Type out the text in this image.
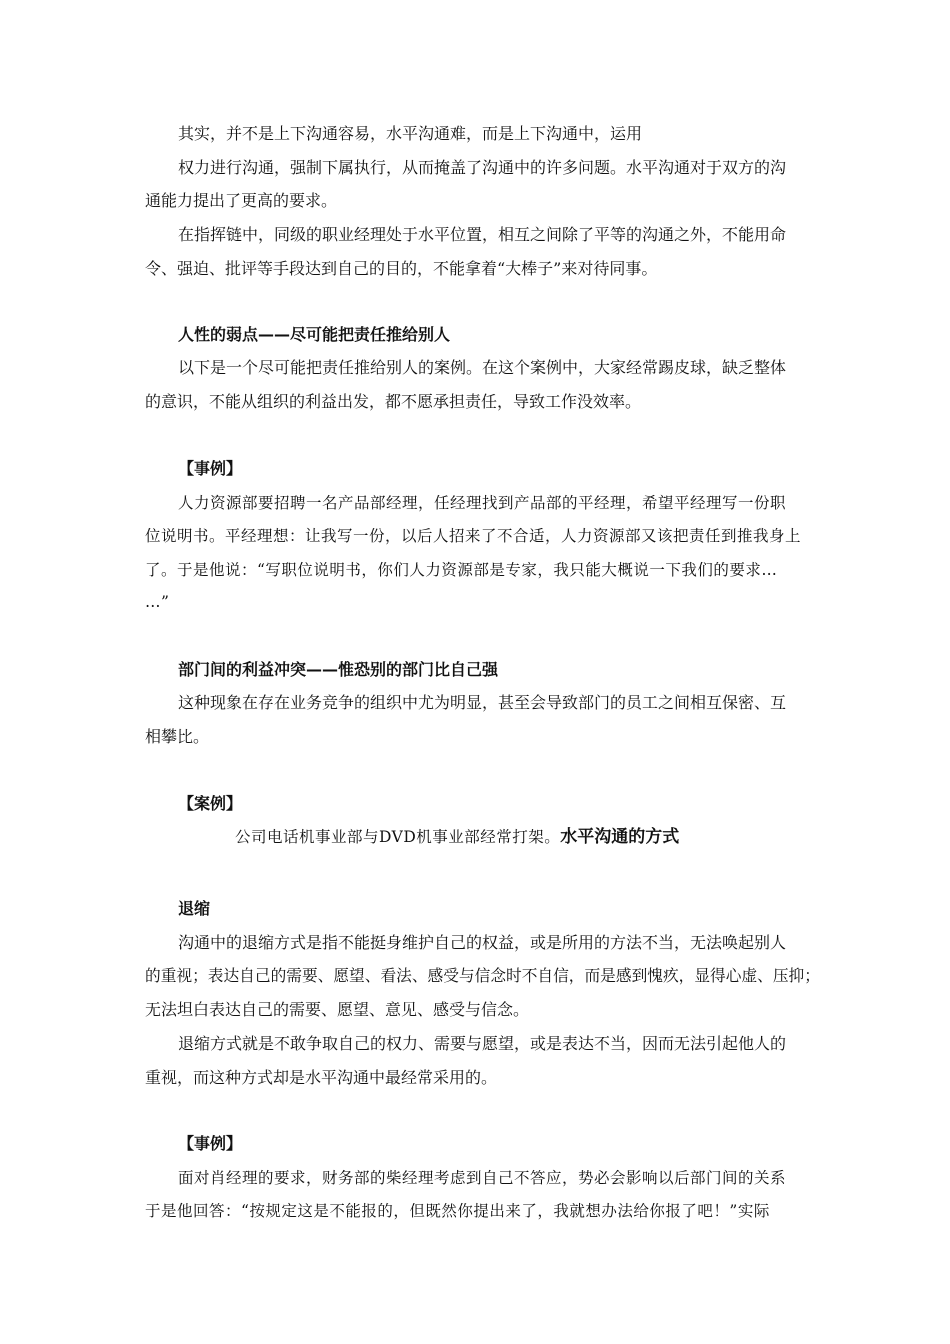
其实，并不是上下沟通容易，水平沟通难，而是上下沟通中，运用
权力进行沟通，强制下属执行，从而掩盖了沟通中的许多问题。水平沟通对于双方的沟
通能力提出了更高的要求。
在指挥链中，同级的职业经理处于水平位置，相互之间除了平等的沟通之外，不能用命
令、强迫、批评等手段达到自己的目的，不能拿着“大棒子”来对待同事。
人性的弱点——尽可能把责任推给别人
以下是一个尽可能把责任推给别人的案例。在这个案例中，大家经常踢皮球，缺乏整体
的意识，不能从组织的利益出发，都不愿承担责任，导致工作没效率。
【事例】
人力资源部要招聘一名产品部经理，任经理找到产品部的平经理，希望平经理写一份职
位说明书。平经理想：让我写一份，以后人招来了不合适，人力资源部又该把责任到推我身上
了。于是他说：“写职位说明书，你们人力资源部是专家，我只能大概说一下我们的要求…
…”
部门间的利益冲突——惟恐别的部门比自己强
这种现象在存在业务竞争的组织中尤为明显，甚至会导致部门的员工之间相互保密、互
相攀比。
【案例】
公司电话机事业部与DVD机事业部经常打架。水平沟通的方式
退缩
沟通中的退缩方式是指不能挺身维护自己的权益，或是所用的方法不当，无法唤起别人
的重视；表达自己的需要、愿望、看法、感受与信念时不自信，而是感到愧疚，显得心虚、压抑；
无法坦白表达自己的需要、愿望、意见、感受与信念。
退缩方式就是不敢争取自己的权力、需要与愿望，或是表达不当，因而无法引起他人的
重视，而这种方式却是水平沟通中最经常采用的。
【事例】
面对肖经理的要求，财务部的柴经理考虑到自己不答应，势必会影响以后部门间的关系
于是他回答：“按规定这是不能报的，但既然你提出来了，我就想办法给你报了吧！”实际
